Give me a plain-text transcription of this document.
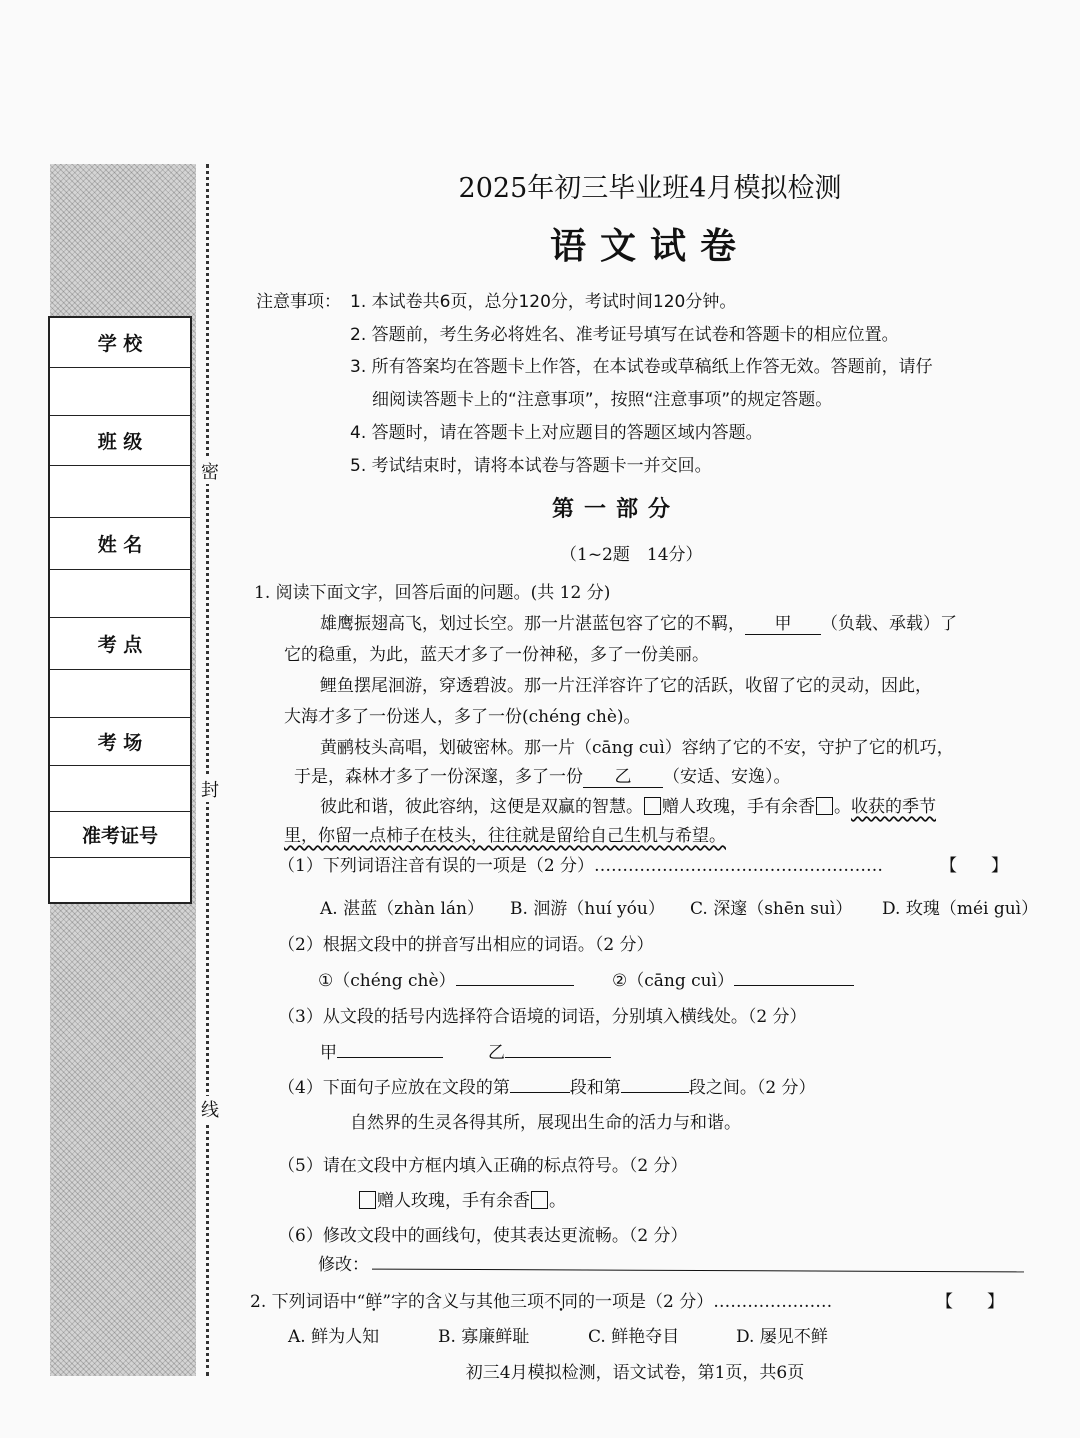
学 校
班 级
姓 名
考 点
考 场
准考证号
密
封
线
2025年初三毕业班4月模拟检测
语文试卷
注意事项： 1. 本试卷共6页，总分120分，考试时间120分钟。
2. 答题前，考生务必将姓名、准考证号填写在试卷和答题卡的相应位置。
3. 所有答案均在答题卡上作答，在本试卷或草稿纸上作答无效。答题前，请仔
细阅读答题卡上的“注意事项”，按照“注意事项”的规定答题。
4. 答题时，请在答题卡上对应题目的答题区域内答题。
5. 考试结束时，请将本试卷与答题卡一并交回。
第一部分
（1~2题　14分）
1. 阅读下面文字，回答后面的问题。(共 12 分)
雄鹰振翅高飞，划过长空。那一片湛蓝包容了它的不羁， 甲 （负载、承载）了
它的稳重，为此，蓝天才多了一份神秘，多了一份美丽。
鲤鱼摆尾洄游，穿透碧波。那一片汪洋容许了它的活跃，收留了它的灵动，因此，
大海才多了一份迷人，多了一份(chéng chè)。
黄鹂枝头高唱，划破密林。那一片（cāng cuì）容纳了它的不安，守护了它的机巧，
于是，森林才多了一份深邃，多了一份 乙 （安适、安逸）。
彼此和谐，彼此容纳，这便是双赢的智慧。 赠人玫瑰，手有余香 。收获的季节
里，你留一点柿子在枝头，往往就是留给自己生机与希望。
（1）下列词语注音有误的一项是（2 分）……………………………………………	【　　】
A. 湛蓝（zhàn lán） B. 洄游（huí yóu） C. 深邃（shēn suì） D. 玫瑰（méi guì）
（2）根据文段中的拼音写出相应的词语。（2 分）
①（chéng chè）	②（cāng cuì）
（3）从文段的括号内选择符合语境的词语，分别填入横线处。（2 分）
甲	乙
（4）下面句子应放在文段的第	段和第	段之间。（2 分）
自然界的生灵各得其所，展现出生命的活力与和谐。
（5）请在文段中方框内填入正确的标点符号。（2 分）
赠人玫瑰，手有余香 。
（6）修改文段中的画线句，使其表达更流畅。（2 分）
修改：
2. 下列词语中“鲜”字的含义与其他三项不同的一项是（2 分）…………………	【　　】
A. 鲜为人知	B. 寡廉鲜耻	C. 鲜艳夺目	D. 屡见不鲜
初三4月模拟检测，语文试卷，第1页，共6页
